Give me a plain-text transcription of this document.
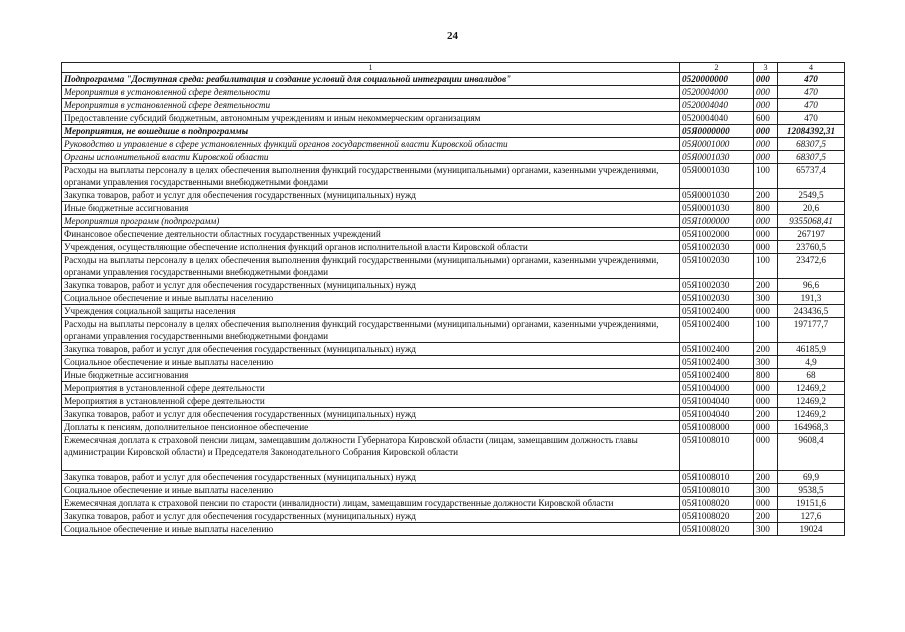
24
1	2	3	4
Подпрограмма "Доступная среда: реабилитация и создание условий для социальной интеграции инвалидов"	0520000000	000	470
Мероприятия в установленной сфере деятельности	0520004000	000	470
Мероприятия в установленной сфере деятельности	0520004040	000	470
Предоставление субсидий бюджетным, автономным учреждениям и иным некоммерческим организациям	0520004040	600	470
Мероприятия, не вошедшие в подпрограммы	05Я0000000	000	12084392,31
Руководство и управление в сфере установленных функций органов государственной власти Кировской области	05Я0001000	000	68307,5
Органы исполнительной власти Кировской области	05Я0001030	000	68307,5
Расходы на выплаты персоналу в целях обеспечения выполнения функций государственными (муниципальными) органами, казенными учреждениями, органами управления государственными внебюджетными фондами	05Я0001030	100	65737,4
Закупка товаров, работ и услуг для обеспечения государственных (муниципальных) нужд	05Я0001030	200	2549,5
Иные бюджетные ассигнования	05Я0001030	800	20,6
Мероприятия программ (подпрограмм)	05Я1000000	000	9355068,41
Финансовое обеспечение деятельности областных государственных учреждений	05Я1002000	000	267197
Учреждения, осуществляющие обеспечение исполнения функций органов исполнительной власти Кировской области	05Я1002030	000	23760,5
Расходы на выплаты персоналу в целях обеспечения выполнения функций государственными (муниципальными) органами, казенными учреждениями, органами управления государственными внебюджетными фондами	05Я1002030	100	23472,6
Закупка товаров, работ и услуг для обеспечения государственных (муниципальных) нужд	05Я1002030	200	96,6
Социальное обеспечение и иные выплаты населению	05Я1002030	300	191,3
Учреждения социальной защиты населения	05Я1002400	000	243436,5
Расходы на выплаты персоналу в целях обеспечения выполнения функций государственными (муниципальными) органами, казенными учреждениями, органами управления государственными внебюджетными фондами	05Я1002400	100	197177,7
Закупка товаров, работ и услуг для обеспечения государственных (муниципальных) нужд	05Я1002400	200	46185,9
Социальное обеспечение и иные выплаты населению	05Я1002400	300	4,9
Иные бюджетные ассигнования	05Я1002400	800	68
Мероприятия в установленной сфере деятельности	05Я1004000	000	12469,2
Мероприятия в установленной сфере деятельности	05Я1004040	000	12469,2
Закупка товаров, работ и услуг для обеспечения государственных (муниципальных) нужд	05Я1004040	200	12469,2
Доплаты к пенсиям, дополнительное пенсионное обеспечение	05Я1008000	000	164968,3
Ежемесячная доплата к страховой пенсии лицам, замещавшим должности Губернатора Кировской области (лицам, замещавшим должность главы администрации Кировской области) и Председателя Законодательного Собрания Кировской области	05Я1008010	000	9608,4
Закупка товаров, работ и услуг для обеспечения государственных (муниципальных) нужд	05Я1008010	200	69,9
Социальное обеспечение и иные выплаты населению	05Я1008010	300	9538,5
Ежемесячная доплата к страховой пенсии по старости (инвалидности) лицам, замещавшим государственные должности Кировской области	05Я1008020	000	19151,6
Закупка товаров, работ и услуг для обеспечения государственных (муниципальных) нужд	05Я1008020	200	127,6
Социальное обеспечение и иные выплаты населению	05Я1008020	300	19024
